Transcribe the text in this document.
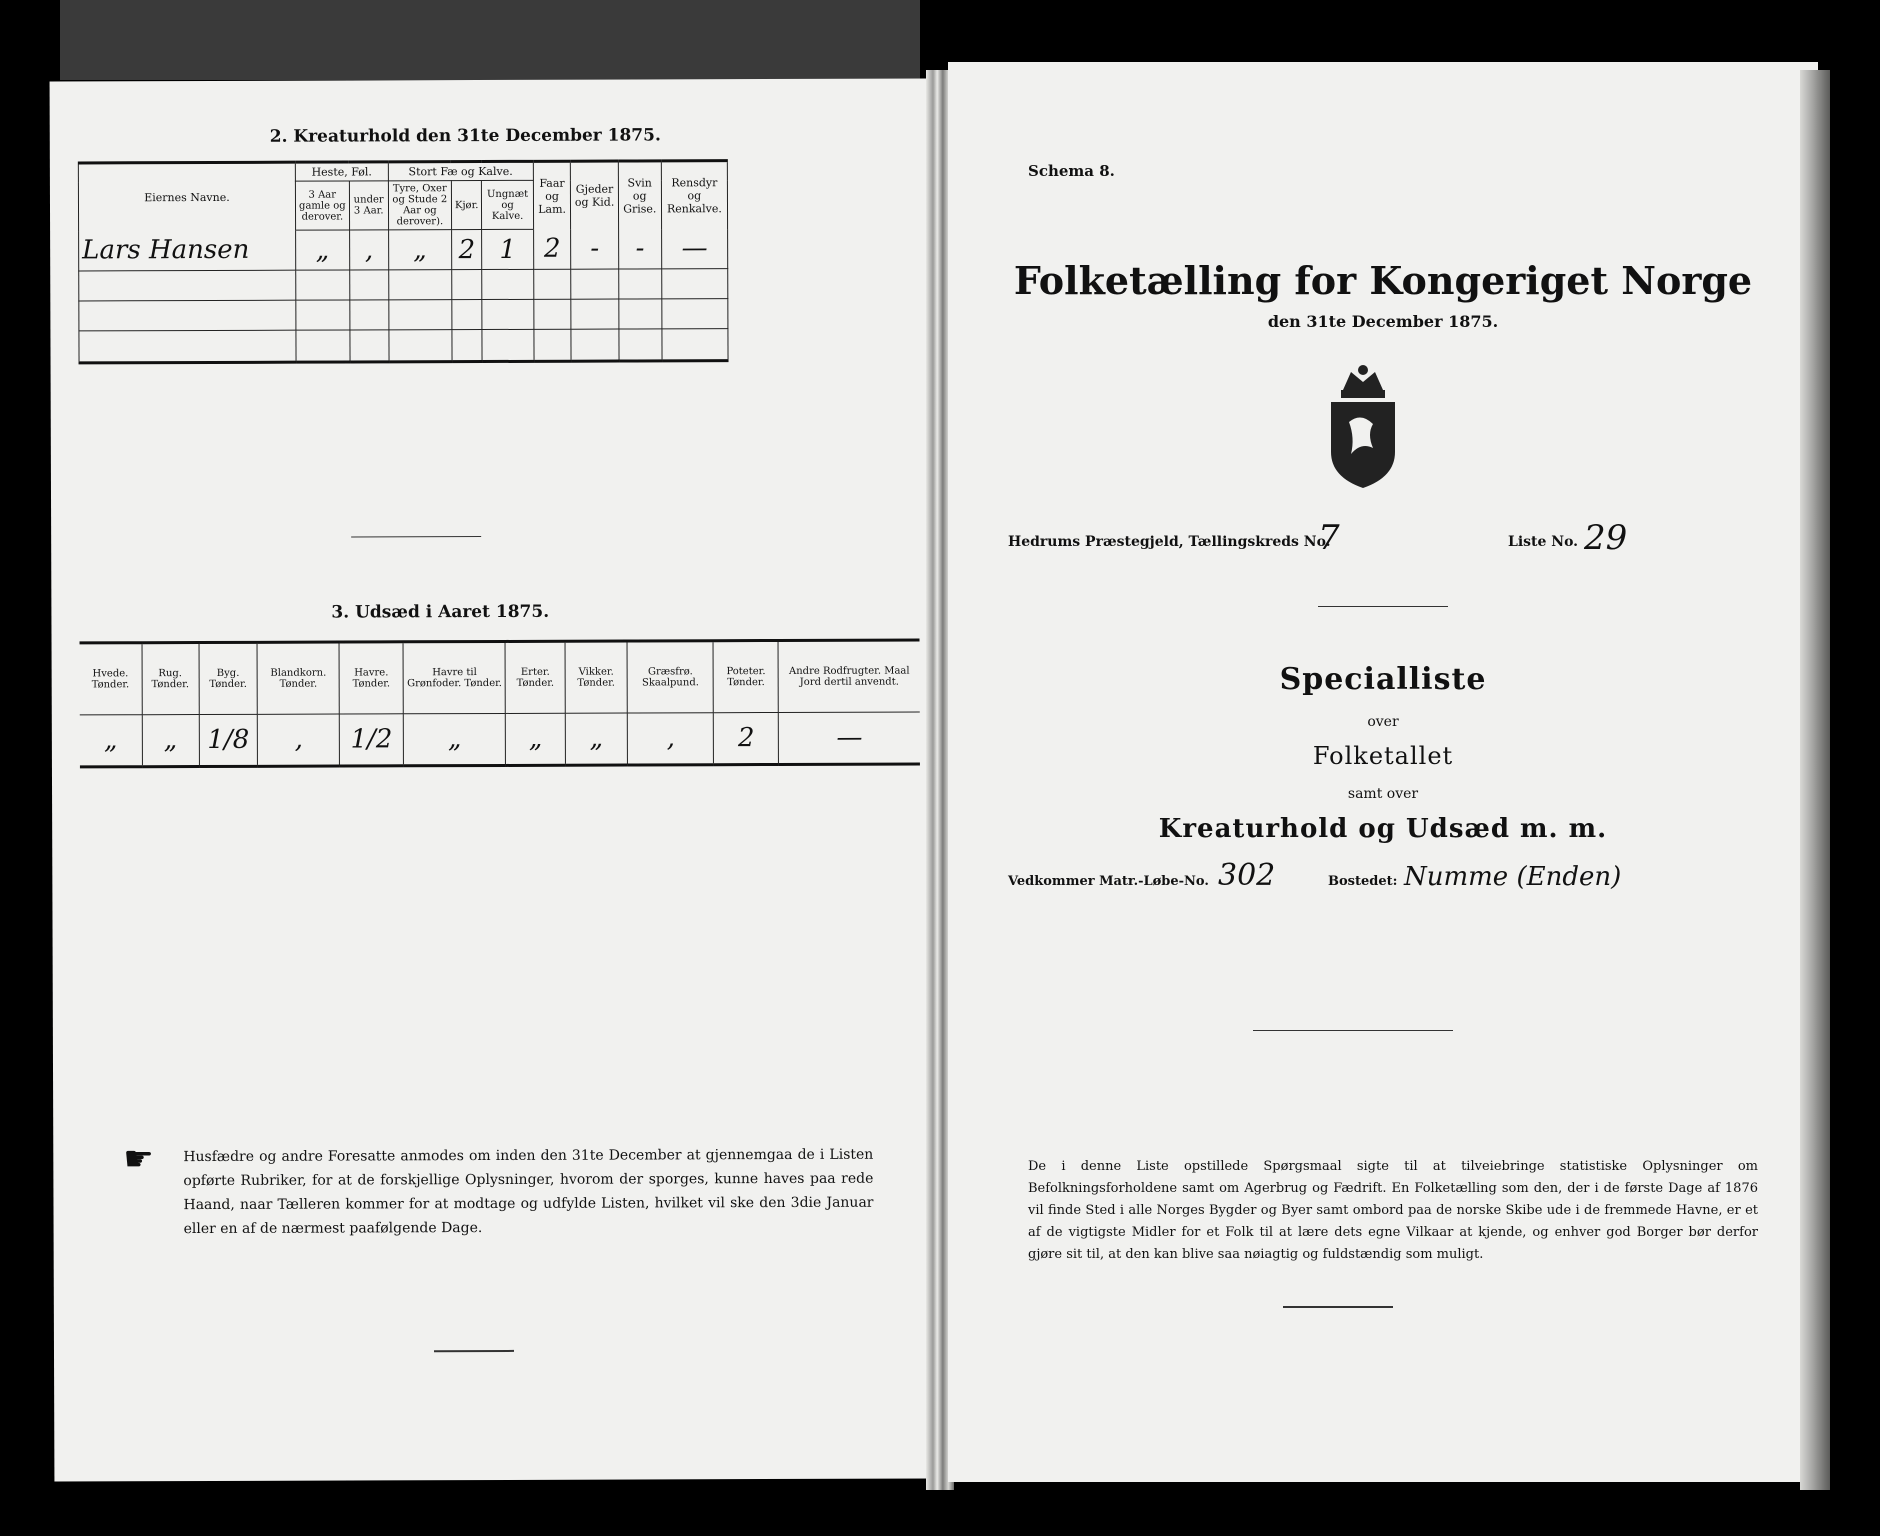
2. Kreaturhold den 31te December 1875.
Eiernes Navne.	Heste, Føl.		Stort Fæ og Kalve.			Faar og Lam.	Gjeder og Kid.	Svin og Grise.	Rensdyr og Renkalve.
	3 Aar gamle og derover.	under 3 Aar.	Tyre, Oxer og Stude 2 Aar og derover).	Kjør.	Ungnæt og Kalve.				
Lars Hansen	„	‚	„	2	1	2	-	-	—

3. Udsæd i Aaret 1875.
Hvede. Tønder.	Rug. Tønder.	Byg. Tønder.	Blandkorn. Tønder.	Havre. Tønder.	Havre til Grønfoder. Tønder.	Erter. Tønder.	Vikker. Tønder.	Græsfrø. Skaalpund.	Poteter. Tønder.	Andre Rodfrugter. Maal Jord dertil anvendt.
„	„	1/8	‚	1/2	„	„	„	‚	2	—
☛ Husfædre og andre Foresatte anmodes om inden den 31te December at gjennemgaa de i Listen opførte Rubriker, for at de forskjellige Oplysninger, hvorom der sporges, kunne haves paa rede Haand, naar Tælleren kommer for at modtage og udfylde Listen, hvilket vil ske den 3die Januar eller en af de nærmest paafølgende Dage.
Schema 8.
Folketælling for Kongeriget Norge
den 31te December 1875.
Hedrums Præstegjeld, Tællingskreds No.
7	Liste No. 29
Specialliste
over
Folketallet
samt over
Kreaturhold og Udsæd m. m.
Vedkommer Matr.-Løbe-No. 302	Bostedet: Numme (Enden)
De i denne Liste opstillede Spørgsmaal sigte til at tilveiebringe statistiske Oplysninger om Befolkningsforholdene samt om Agerbrug og Fædrift. En Folketælling som den, der i de første Dage af 1876 vil finde Sted i alle Norges Bygder og Byer samt ombord paa de norske Skibe ude i de fremmede Havne, er et af de vigtigste Midler for et Folk til at lære dets egne Vilkaar at kjende, og enhver god Borger bør derfor gjøre sit til, at den kan blive saa nøiagtig og fuldstændig som muligt.
